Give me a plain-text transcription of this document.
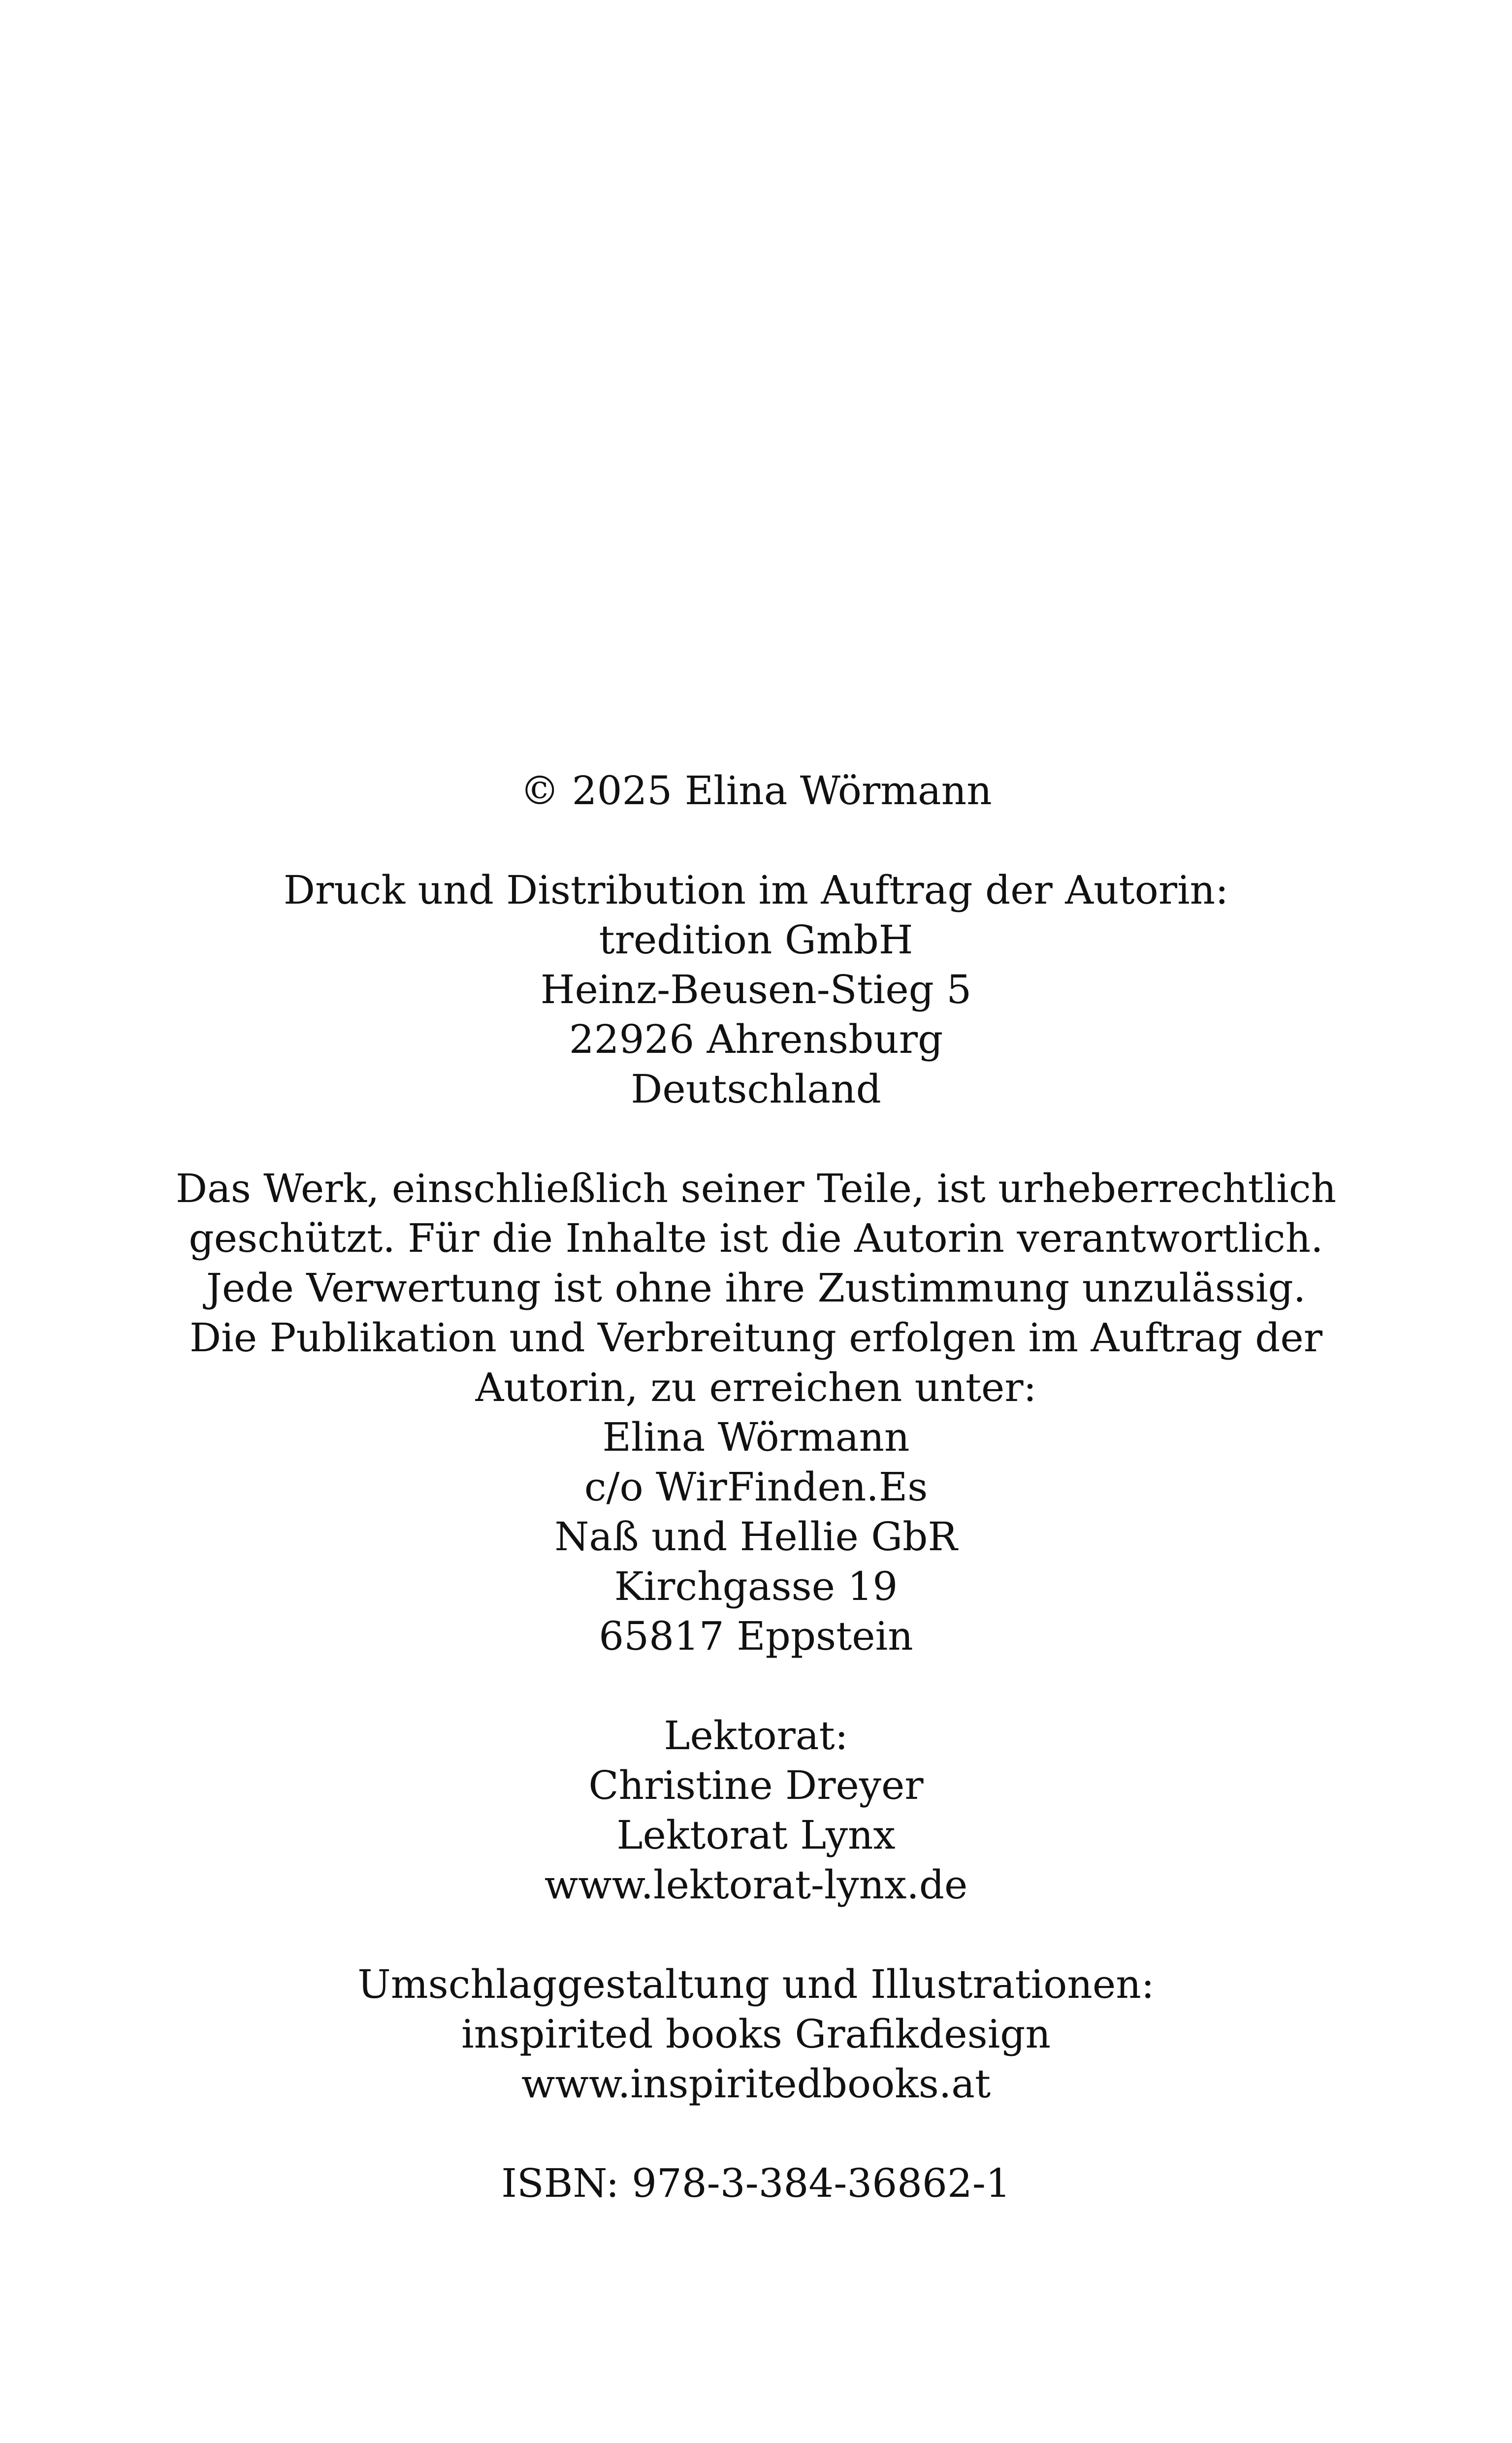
© 2025 Elina Wörmann
Druck und Distribution im Auftrag der Autorin:
tredition GmbH
Heinz-Beusen-Stieg 5
22926 Ahrensburg
Deutschland
Das Werk, einschließlich seiner Teile, ist urheberrechtlich
geschützt. Für die Inhalte ist die Autorin verantwortlich.
Jede Verwertung ist ohne ihre Zustimmung unzulässig.
Die Publikation und Verbreitung erfolgen im Auftrag der
Autorin, zu erreichen unter:
Elina Wörmann
c/o WirFinden.Es
Naß und Hellie GbR
Kirchgasse 19
65817 Eppstein
Lektorat:
Christine Dreyer
Lektorat Lynx
www.lektorat-lynx.de
Umschlaggestaltung und Illustrationen:
inspirited books Grafikdesign
www.inspiritedbooks.at
ISBN: 978-3-384-36862-1
